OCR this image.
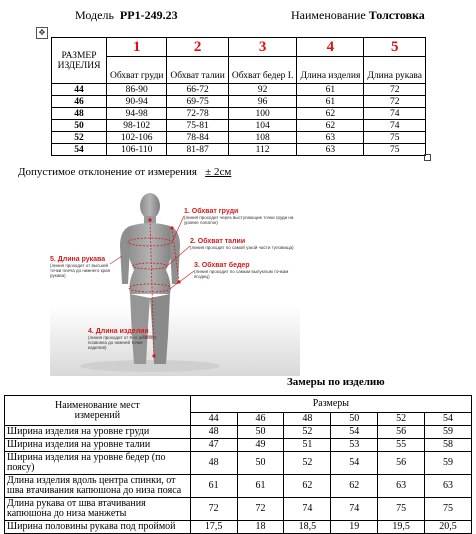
Модель РР1-249.23	Наименование Толстовка
✥
РАЗМЕР ИЗДЕЛИЯ	1	2	3	4	5
	Обхват груди	Обхват талии	Обхват бедер I.	Длина изделия	Длина рукава
44	86-90	66-72	92	61	72
46	90-94	69-75	96	61	72
48	94-98	72-78	100	62	74
50	98-102	75-81	104	62	74
52	102-106	78-84	108	63	75
54	106-110	81-87	112	63	75
Допустимое отклонение от измерения ± 2см
1. Обхват груди
(линия проходит через выступающие точки груди на уровне лопаток)
2. Обхват талии
(линия проходит по самой узкой части туловища)
3. Обхват бедер
(линия проходит по самым выпуклым точкам ягодиц)
4. Длина изделия
(линия проходит от 6-го шейного позвонка до нижней точки изделия)
5. Длина рукава
(линия проходит от высшей точки плеча до нижнего края рукава)
Замеры по изделию
Наименование мест измерений	Размеры					
	44	46	48	50	52	54
Ширина изделия на уровне груди	48	50	52	54	56	59
Ширина изделия на уровне талии	47	49	51	53	55	58
Ширина изделия на уровне бедер (по поясу)	48	50	52	54	56	59
Длина изделия вдоль центра спинки, от шва втачивания капюшона до низа пояса	61	61	62	62	63	63
Длина рукава от шва втачивания капюшона до низа манжеты	72	72	74	74	75	75
Ширина половины рукава под проймой	17,5	18	18,5	19	19,5	20,5
